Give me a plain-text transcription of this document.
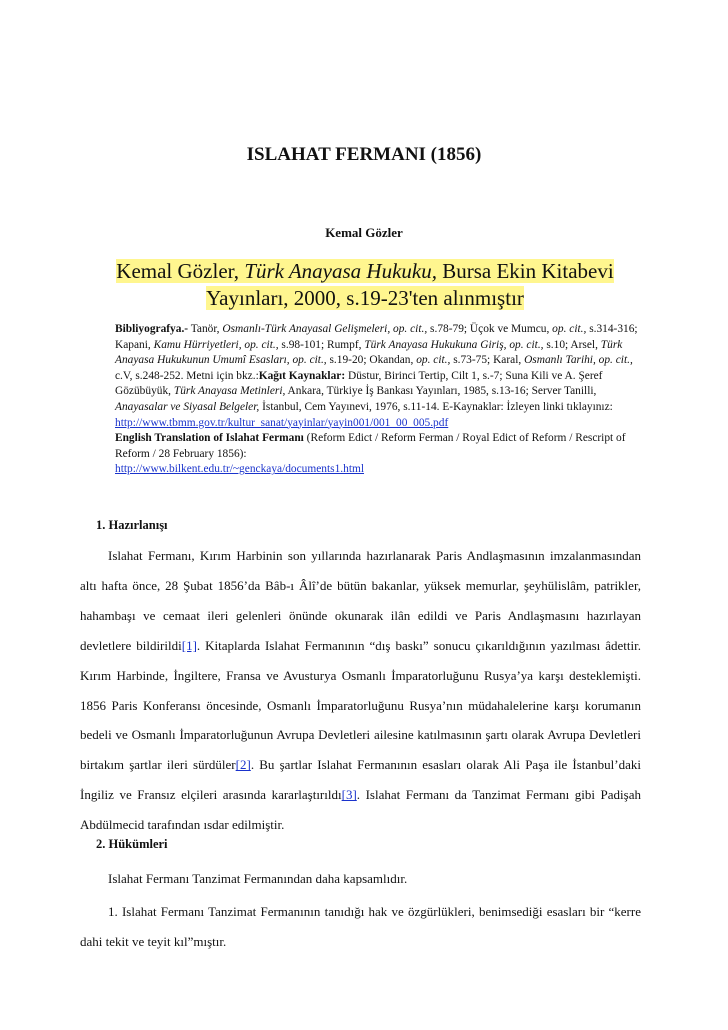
ISLAHAT FERMANI (1856)
Kemal Gözler
Kemal Gözler, Türk Anayasa Hukuku, Bursa Ekin Kitabevi Yayınları, 2000, s.19-23'ten alınmıştır
Bibliyografya.- Tanör, Osmanlı-Türk Anayasal Gelişmeleri, op. cit., s.78-79; Üçok ve Mumcu, op. cit., s.314-316; Kapani, Kamu Hürriyetleri, op. cit., s.98-101; Rumpf, Türk Anayasa Hukukuna Giriş, op. cit., s.10; Arsel, Türk Anayasa Hukukunun Umumî Esasları, op. cit., s.19-20; Okandan, op. cit., s.73-75; Karal, Osmanlı Tarihi, op. cit., c.V, s.248-252. Metni için bkz.:Kağıt Kaynaklar: Düstur, Birinci Tertip, Cilt 1, s.-7; Suna Kili ve A. Şeref Gözübüyük, Türk Anayasa Metinleri, Ankara, Türkiye İş Bankası Yayınları, 1985, s.13-16; Server Tanilli, Anayasalar ve Siyasal Belgeler, İstanbul, Cem Yayınevi, 1976, s.11-14. E-Kaynaklar: İzleyen linki tıklayınız: http://www.tbmm.gov.tr/kultur_sanat/yayinlar/yayin001/001_00_005.pdf
English Translation of Islahat Fermanı (Reform Edict / Reform Ferman / Royal Edict of Reform / Rescript of Reform / 28 February 1856):
http://www.bilkent.edu.tr/~genckaya/documents1.html
1. Hazırlanışı
Islahat Fermanı, Kırım Harbinin son yıllarında hazırlanarak Paris Andlaşmasının imzalanmasından altı hafta önce, 28 Şubat 1856’da Bâb-ı Âlî’de bütün bakanlar, yüksek memurlar, şeyhülislâm, patrikler, hahambaşı ve cemaat ileri gelenleri önünde okunarak ilân edildi ve Paris Andlaşmasını hazırlayan devletlere bildirildi[1]. Kitaplarda Islahat Fermanının “dış baskı” sonucu çıkarıldığının yazılması âdettir. Kırım Harbinde, İngiltere, Fransa ve Avusturya Osmanlı İmparatorluğunu Rusya’ya karşı desteklemişti. 1856 Paris Konferansı öncesinde, Osmanlı İmparatorluğunu Rusya’nın müdahalelerine karşı korumanın bedeli ve Osmanlı İmparatorluğunun Avrupa Devletleri ailesine katılmasının şartı olarak Avrupa Devletleri birtakım şartlar ileri sürdüler[2]. Bu şartlar Islahat Fermanının esasları olarak Ali Paşa ile İstanbul’daki İngiliz ve Fransız elçileri arasında kararlaştırıldı[3]. Islahat Fermanı da Tanzimat Fermanı gibi Padişah Abdülmecid tarafından ısdar edilmiştir.
2. Hükümleri
Islahat Fermanı Tanzimat Fermanından daha kapsamlıdır.
1. Islahat Fermanı Tanzimat Fermanının tanıdığı hak ve özgürlükleri, benimsediği esasları bir “kerre dahi tekit ve teyit kıl”mıştır.
